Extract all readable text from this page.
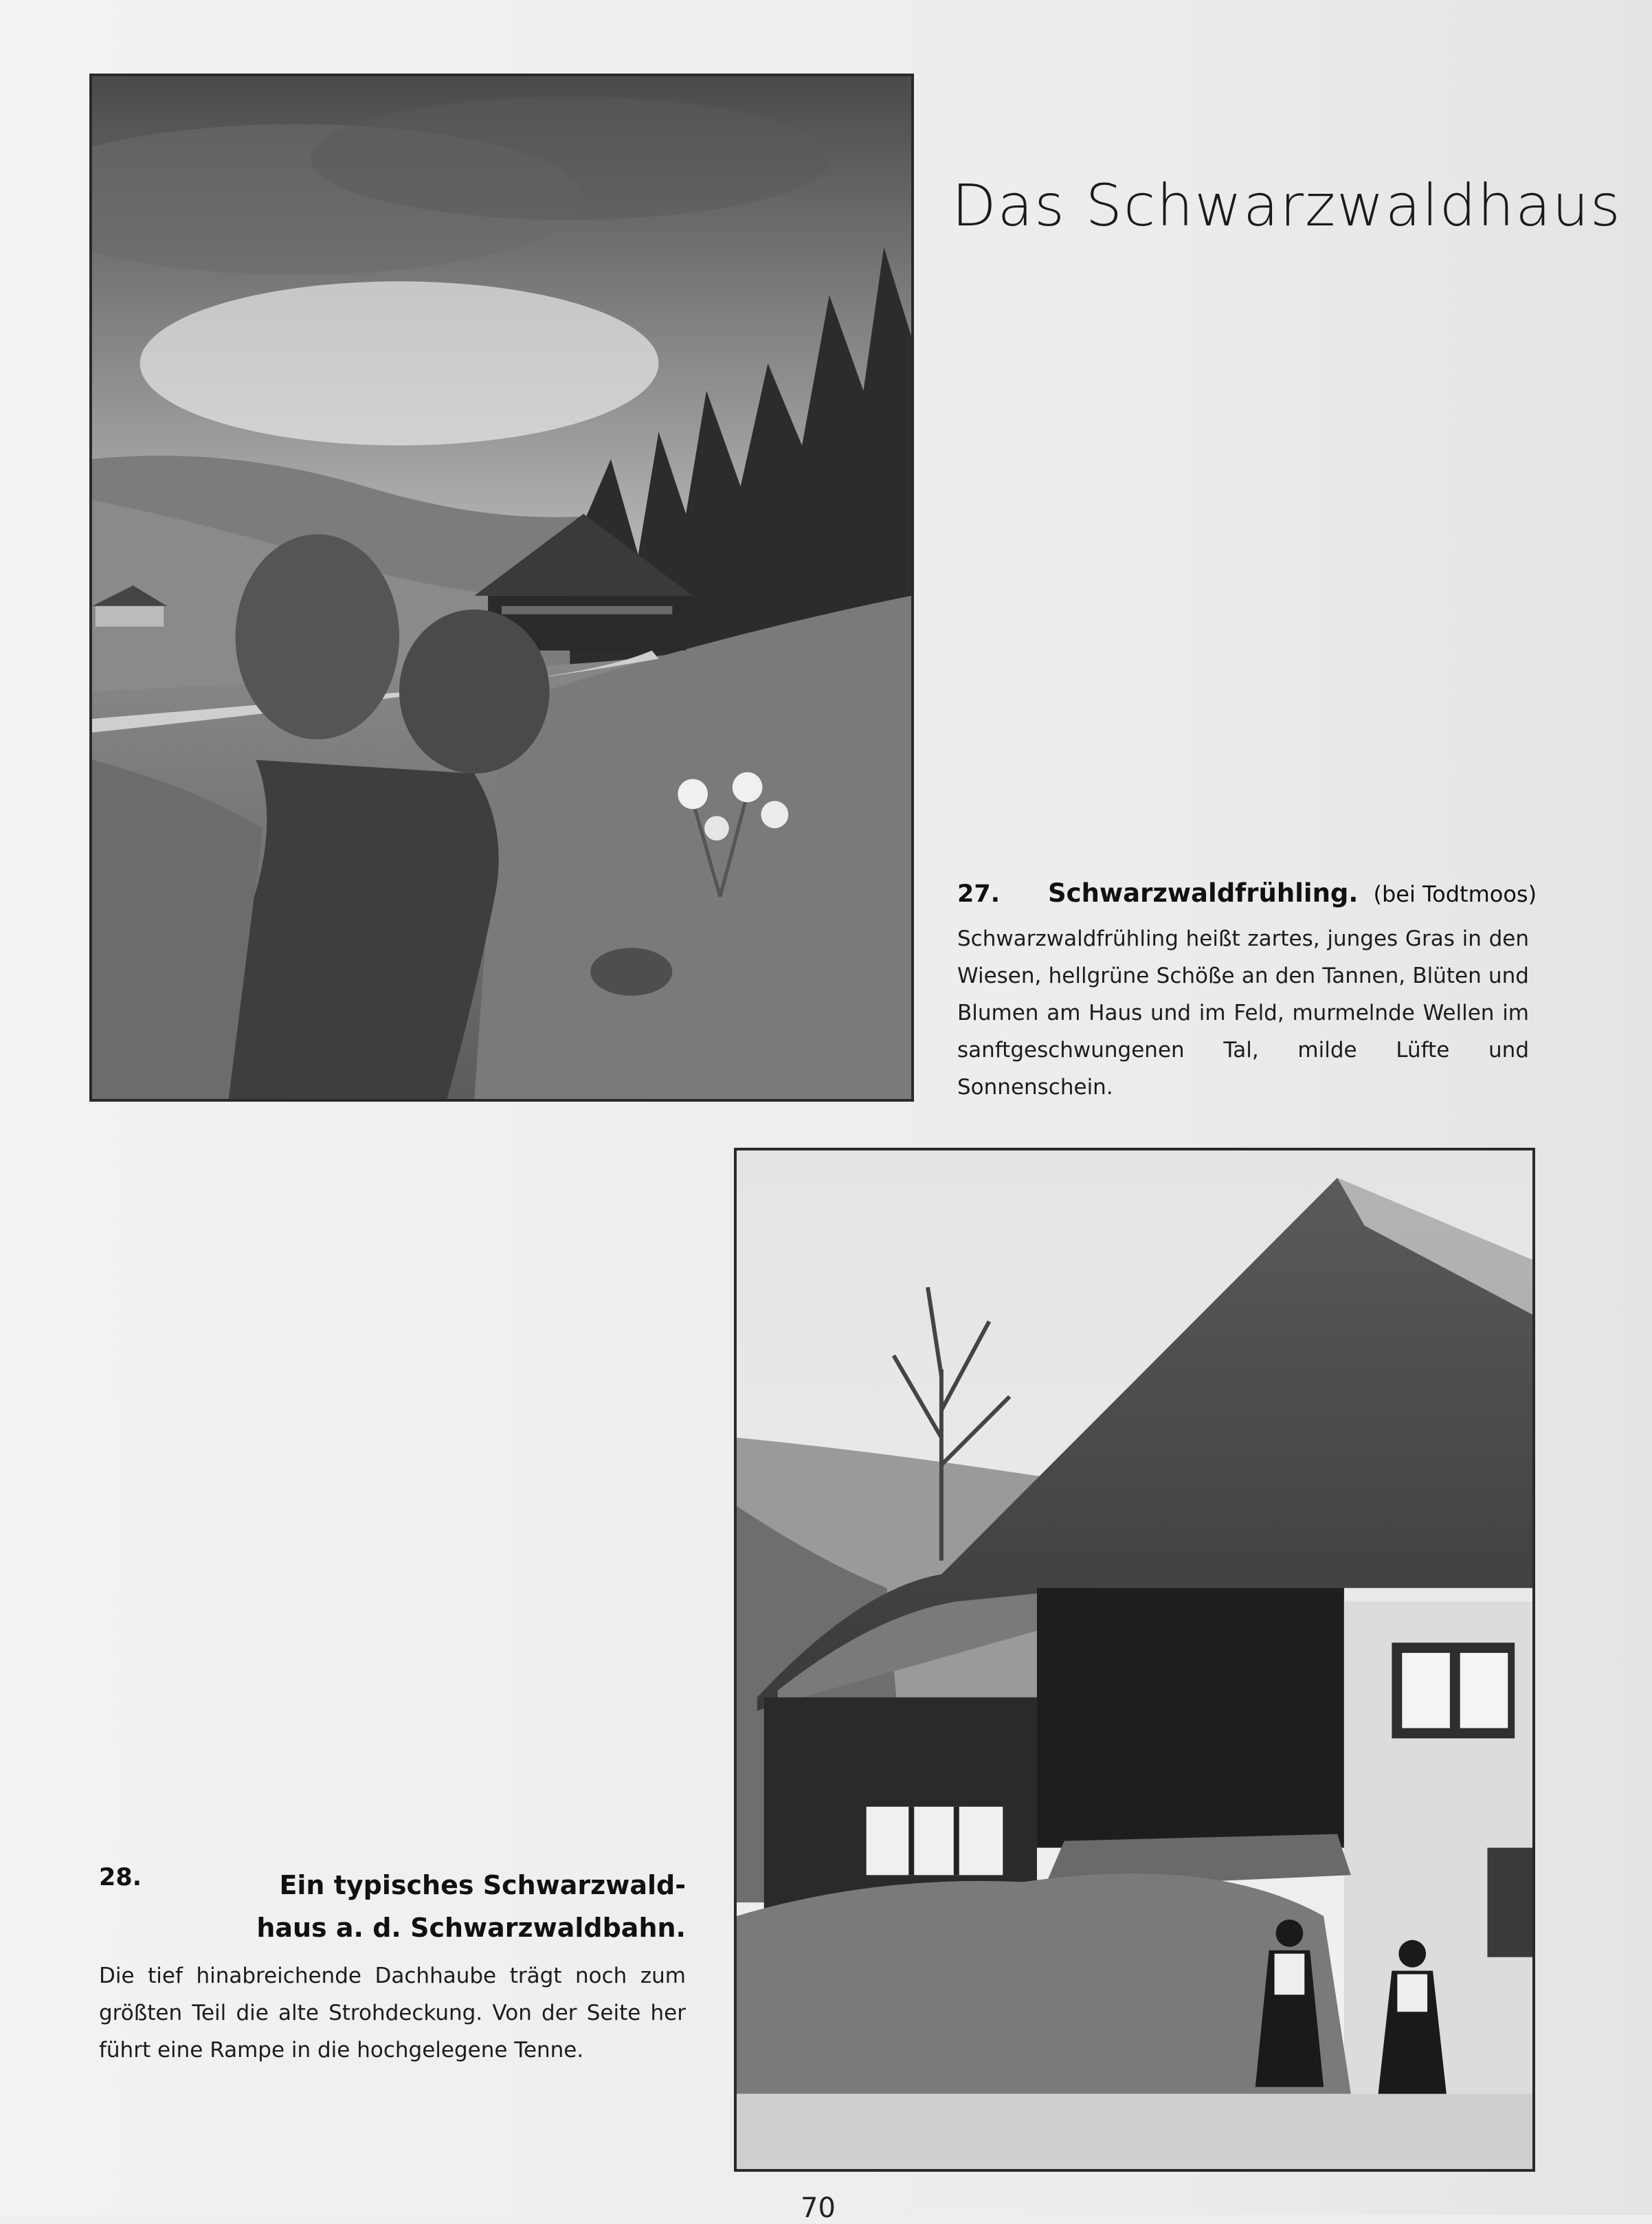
Das Schwarzwaldhaus
27. Schwarzwaldfrühling. (bei Todtmoos)
Schwarzwaldfrühling heißt zartes, junges Gras in den Wiesen, hellgrüne Schöße an den Tannen, Blüten und Blumen am Haus und im Feld, murmelnde Wellen im sanftgeschwungenen Tal, milde Lüfte und Sonnenschein.
28.	Ein typisches Schwarzwald-
haus a. d. Schwarzwaldbahn.
Die tief hinabreichende Dachhaube trägt noch zum größten Teil die alte Strohdeckung. Von der Seite her führt eine Rampe in die hochgelegene Tenne.
70
